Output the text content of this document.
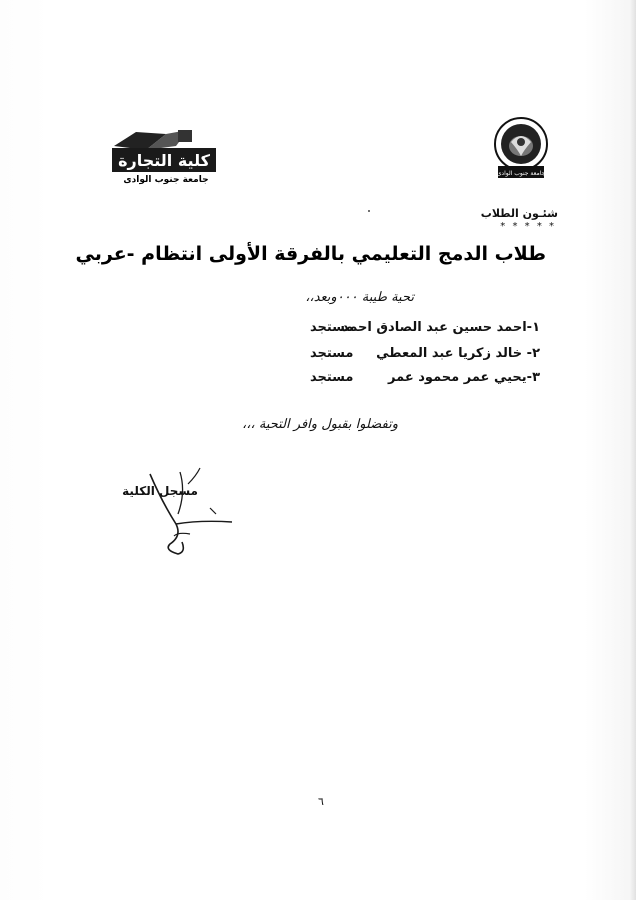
كلية التجارة
جامعة جنوب الوادى
جامعة جنوب الوادى
شئـون الطلاب
* * * * *
طلاب الدمج التعليمي بالفرقة الأولى انتظام -عربي
تحية طيبة ٠٠٠وبعد،،
١-احمد حسين عبد الصادق احمد
مستجد
٢- خالد زكريا عبد المعطي
مستجد
٣-يحيي عمر محمود عمر
مستجد
وتفضلوا بقبول وافر التحية ،،،
مسجل الكلية
٦
